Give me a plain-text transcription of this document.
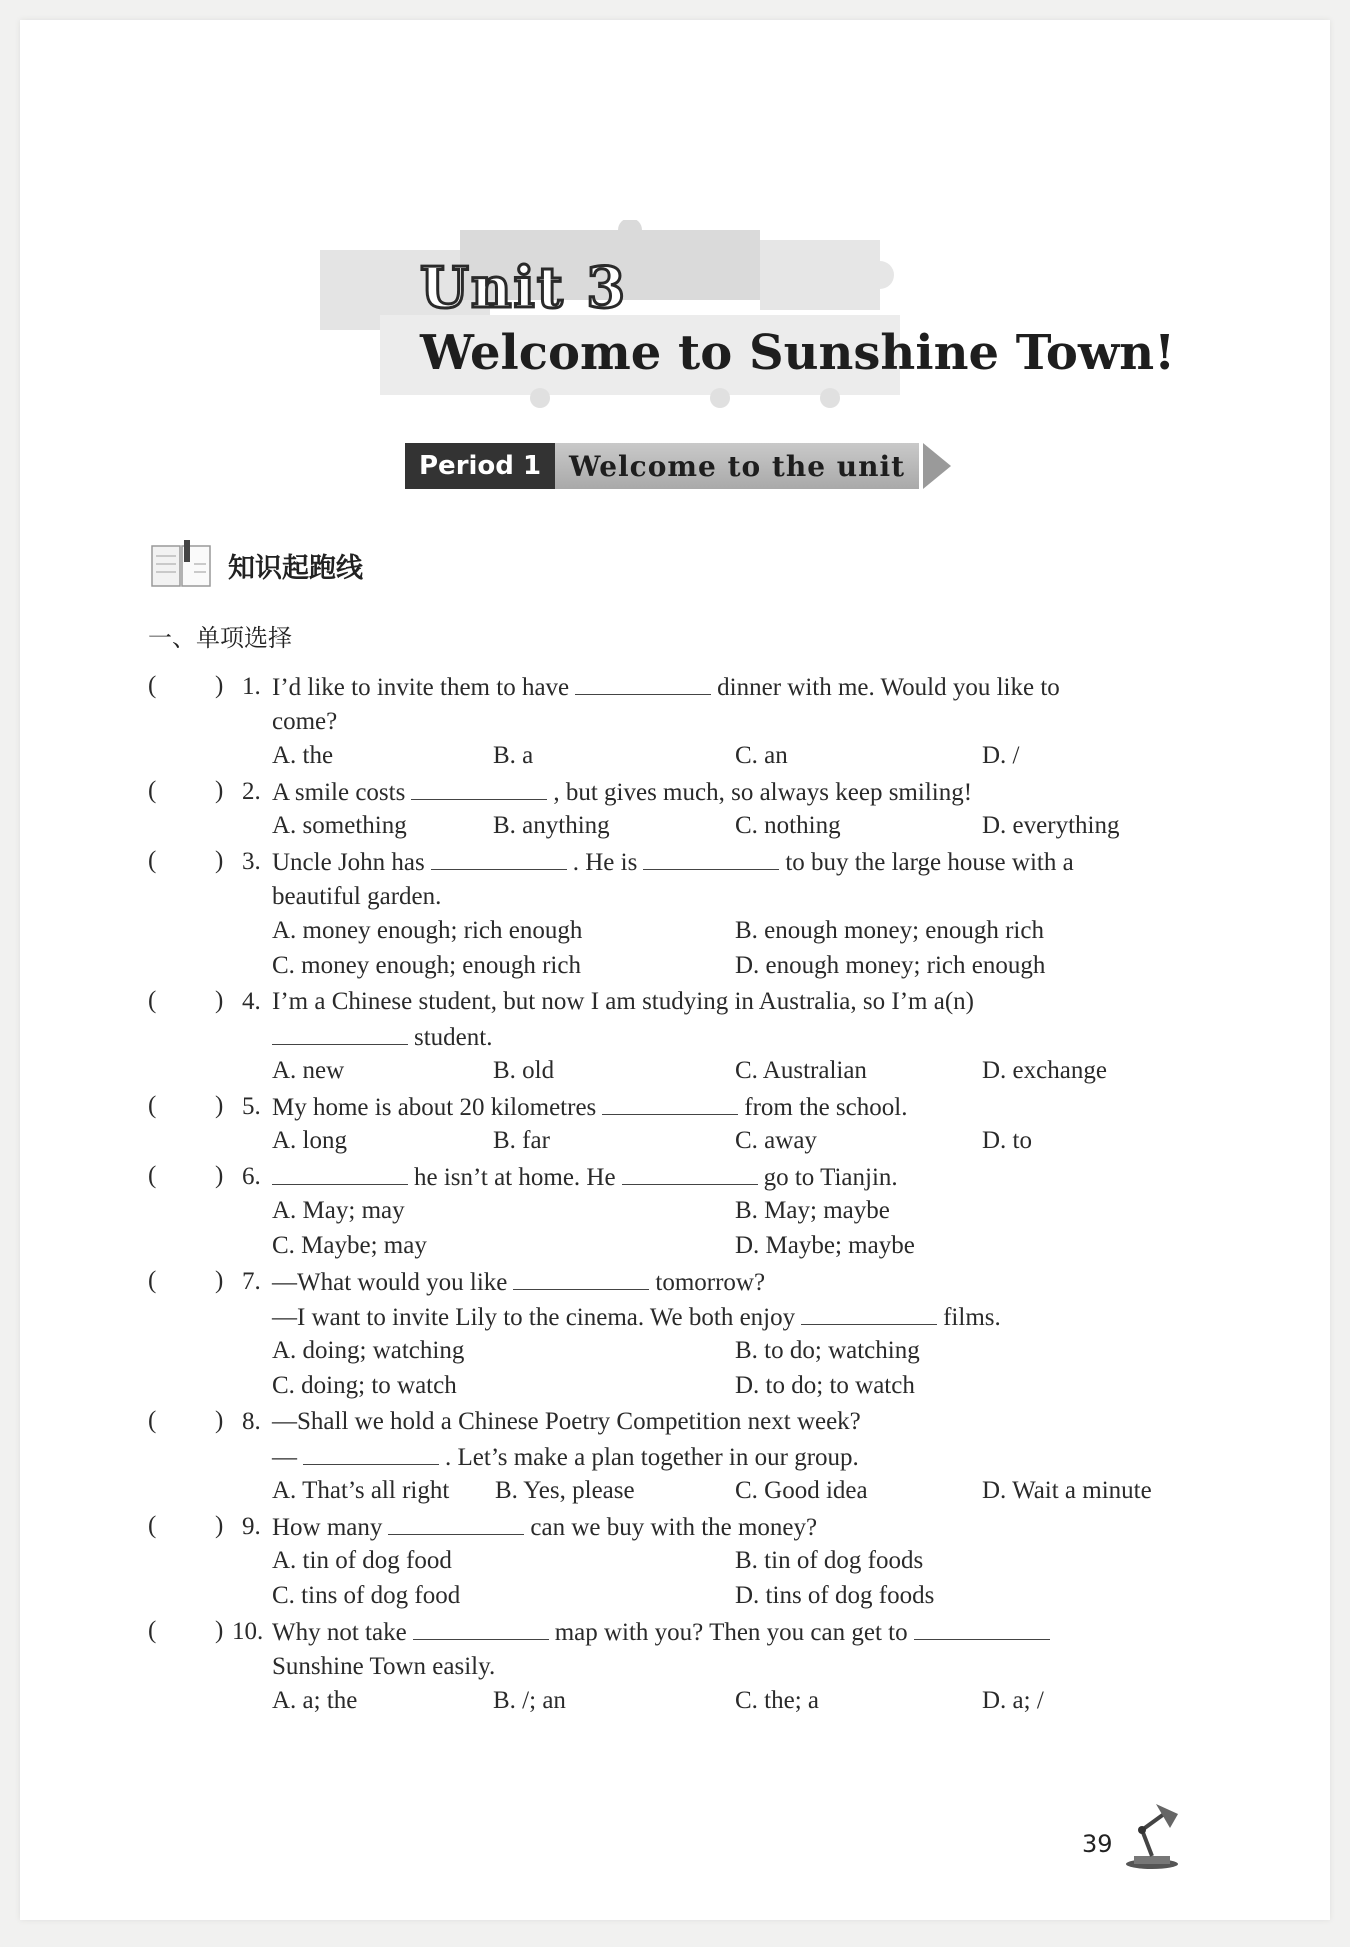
Unit 3
Welcome to Sunshine Town!
Period 1	Welcome to the unit
知识起跑线
一、单项选择
( ) 1. I’d like to invite them to have	dinner with me. Would you like to
come?
A. the	B. a	C. an	D. /
( ) 2. A smile costs	, but gives much, so always keep smiling!
A. something	B. anything	C. nothing	D. everything
( ) 3. Uncle John has	. He is	to buy the large house with a
beautiful garden.
A. money enough; rich enough	B. enough money; enough rich
C. money enough; enough rich	D. enough money; rich enough
( ) 4. I’m a Chinese student, but now I am studying in Australia, so I’m a(n)
student.
A. new	B. old	C. Australian	D. exchange
( ) 5. My home is about 20 kilometres	from the school.
A. long	B. far	C. away	D. to
( ) 6.	he isn’t at home. He	go to Tianjin.
A. May; may	B. May; maybe
C. Maybe; may	D. Maybe; maybe
( ) 7. —What would you like	tomorrow?
—I want to invite Lily to the cinema. We both enjoy	films.
A. doing; watching	B. to do; watching
C. doing; to watch	D. to do; to watch
( ) 8. —Shall we hold a Chinese Poetry Competition next week?
—	. Let’s make a plan together in our group.
A. That’s all right B. Yes, please	C. Good idea	D. Wait a minute
( ) 9. How many	can we buy with the money?
A. tin of dog food	B. tin of dog foods
C. tins of dog food	D. tins of dog foods
( ) 10. Why not take	map with you? Then you can get to
Sunshine Town easily.
A. a; the	B. /; an	C. the; a	D. a; /
39
